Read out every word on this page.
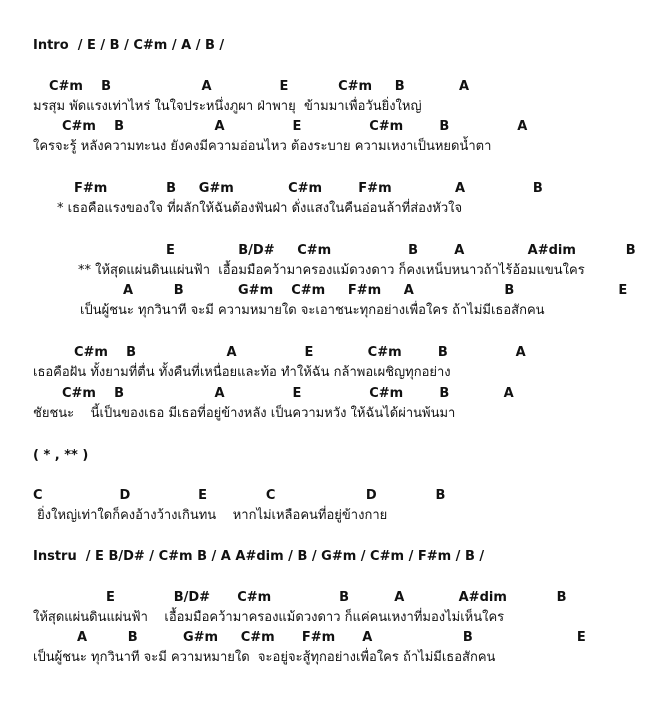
Intro  / E / B / C#m / A / B /
C#m    B                    A               E           C#m     B            A
มรสุม พัดแรงเท่าไหร่ ในใจประหนึ่งภูผา ฝ่าพายุ  ข้ามมาเพื่อวันยิ่งใหญ่
C#m    B                    A               E               C#m        B               A
ใครจะรู้ หลังความทะนง ยังคงมีความอ่อนไหว ต้องระบาย ความเหงาเป็นหยดน้ำตา
F#m             B     G#m            C#m        F#m              A               B
* เธอคือแรงของใจ ที่ผลักให้ฉันต้องฟันฝ่า ดั่งแสงในคืนอ่อนล้าที่ส่องหัวใจ
E              B/D#     C#m                 B        A              A#dim           B
** ให้สุดแผ่นดินแผ่นฟ้า  เอื้อมมือคว้ามาครองแม้ดวงดาว ก็คงเหน็บหนาวถ้าไร้อ้อมแขนใคร
A         B            G#m    C#m     F#m     A                    B                       E
เป็นผู้ชนะ ทุกวินาที จะมี ความหมายใด จะเอาชนะทุกอย่างเพื่อใคร ถ้าไม่มีเธอสักคน
C#m    B                    A               E            C#m        B               A
เธอคือฝัน ทั้งยามที่ตื่น ทั้งคืนที่เหนื่อยและท้อ ทำให้ฉัน กล้าพอเผชิญทุกอย่าง
C#m    B                    A               E               C#m        B            A
ชัยชนะ    นี้เป็นของเธอ มีเธอที่อยู่ข้างหลัง เป็นความหวัง ให้ฉันได้ผ่านพ้นมา
( * , ** )
C                 D               E             C                    D             B
ยิ่งใหญ่เท่าใดก็คงอ้างว้างเกินทน    หากไม่เหลือคนที่อยู่ข้างกาย
Instru  / E B/D# / C#m B / A A#dim / B / G#m / C#m / F#m / B /
E             B/D#      C#m               B          A            A#dim           B
ให้สุดแผ่นดินแผ่นฟ้า    เอื้อมมือคว้ามาครองแม้ดวงดาว ก็แค่คนเหงาที่มองไม่เห็นใคร
A         B          G#m     C#m      F#m      A                    B                       E
เป็นผู้ชนะ ทุกวินาที จะมี ความหมายใด  จะอยู่จะสู้ทุกอย่างเพื่อใคร ถ้าไม่มีเธอสักคน
